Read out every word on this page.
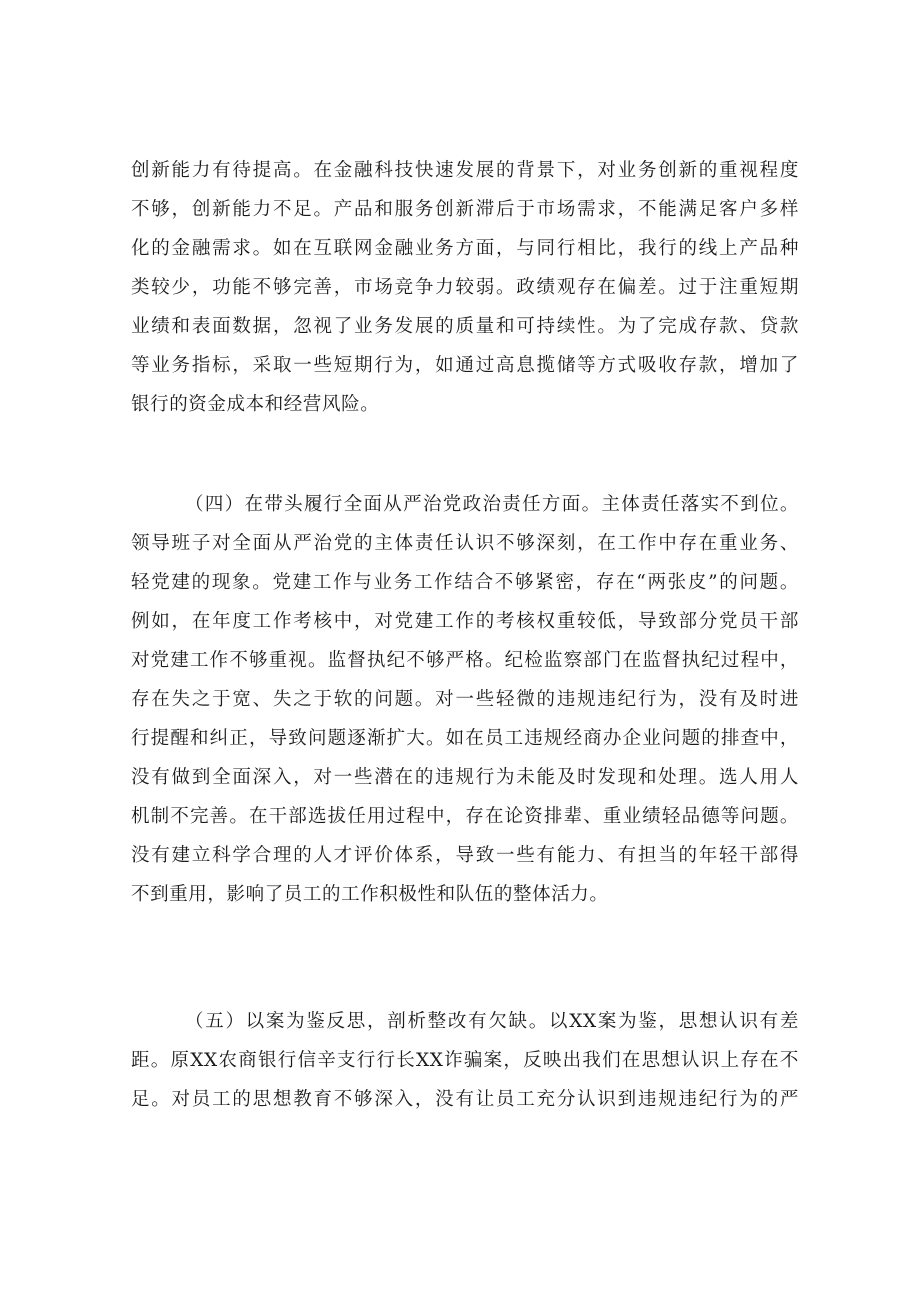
创新能力有待提高。在金融科技快速发展的背景下，对业务创新的重视程度
不够，创新能力不足。产品和服务创新滞后于市场需求，不能满足客户多样
化的金融需求。如在互联网金融业务方面，与同行相比，我行的线上产品种
类较少，功能不够完善，市场竞争力较弱。政绩观存在偏差。过于注重短期
业绩和表面数据，忽视了业务发展的质量和可持续性。为了完成存款、贷款
等业务指标，采取一些短期行为，如通过高息揽储等方式吸收存款，增加了
银行的资金成本和经营风险。
（四）在带头履行全面从严治党政治责任方面。主体责任落实不到位。
领导班子对全面从严治党的主体责任认识不够深刻，在工作中存在重业务、
轻党建的现象。党建工作与业务工作结合不够紧密，存在“两张皮”的问题。
例如，在年度工作考核中，对党建工作的考核权重较低，导致部分党员干部
对党建工作不够重视。监督执纪不够严格。纪检监察部门在监督执纪过程中，
存在失之于宽、失之于软的问题。对一些轻微的违规违纪行为，没有及时进
行提醒和纠正，导致问题逐渐扩大。如在员工违规经商办企业问题的排查中，
没有做到全面深入，对一些潜在的违规行为未能及时发现和处理。选人用人
机制不完善。在干部选拔任用过程中，存在论资排辈、重业绩轻品德等问题。
没有建立科学合理的人才评价体系，导致一些有能力、有担当的年轻干部得
不到重用，影响了员工的工作积极性和队伍的整体活力。
（五）以案为鉴反思，剖析整改有欠缺。以XX案为鉴，思想认识有差
距。原XX农商银行信辛支行行长XX诈骗案，反映出我们在思想认识上存在不
足。对员工的思想教育不够深入，没有让员工充分认识到违规违纪行为的严
